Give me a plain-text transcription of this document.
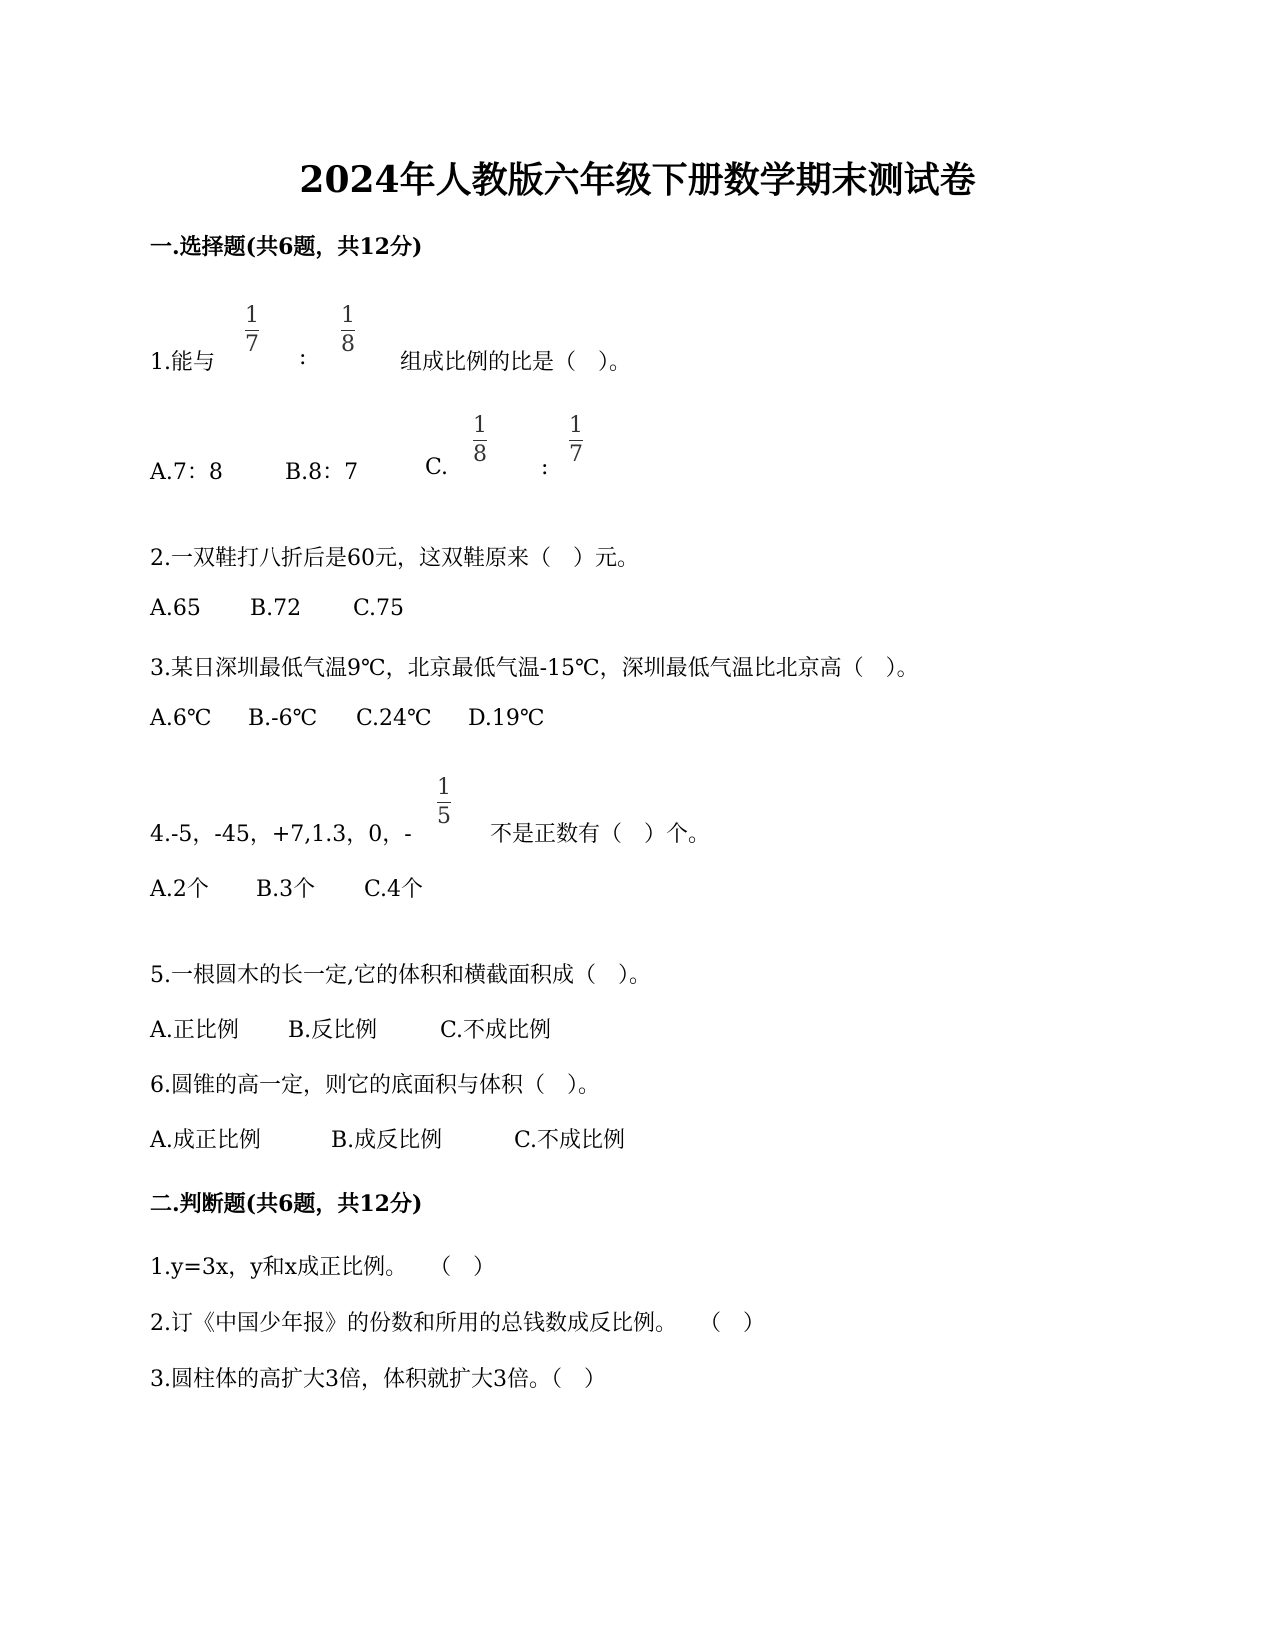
2024年人教版六年级下册数学期末测试卷
一.选择题(共6题，共12分)
1.能与
1
7
:
1
8
组成比例的比是（　）。
A.7：8	B.8：7	C.
1
8
:
1
7
2.一双鞋打八折后是60元，这双鞋原来（　）元。
A.65 B.72 C.75
3.某日深圳最低气温9℃，北京最低气温-15℃，深圳最低气温比北京高（　）。
A.6℃ B.-6℃ C.24℃ D.19℃
4.-5，-45，+7,1.3，0，-
1
5
不是正数有（　）个。
A.2个 B.3个 C.4个
5.一根圆木的长一定,它的体积和横截面积成（　）。
A.正比例 B.反比例	C.不成比例
6.圆锥的高一定，则它的底面积与体积（　）。
A.成正比例	B.成反比例	C.不成比例
二.判断题(共6题，共12分)
1.y=3x，y和x成正比例。　　（　）
2.订《中国少年报》的份数和所用的总钱数成反比例。　　（　）
3.圆柱体的高扩大3倍，体积就扩大3倍。（　）
